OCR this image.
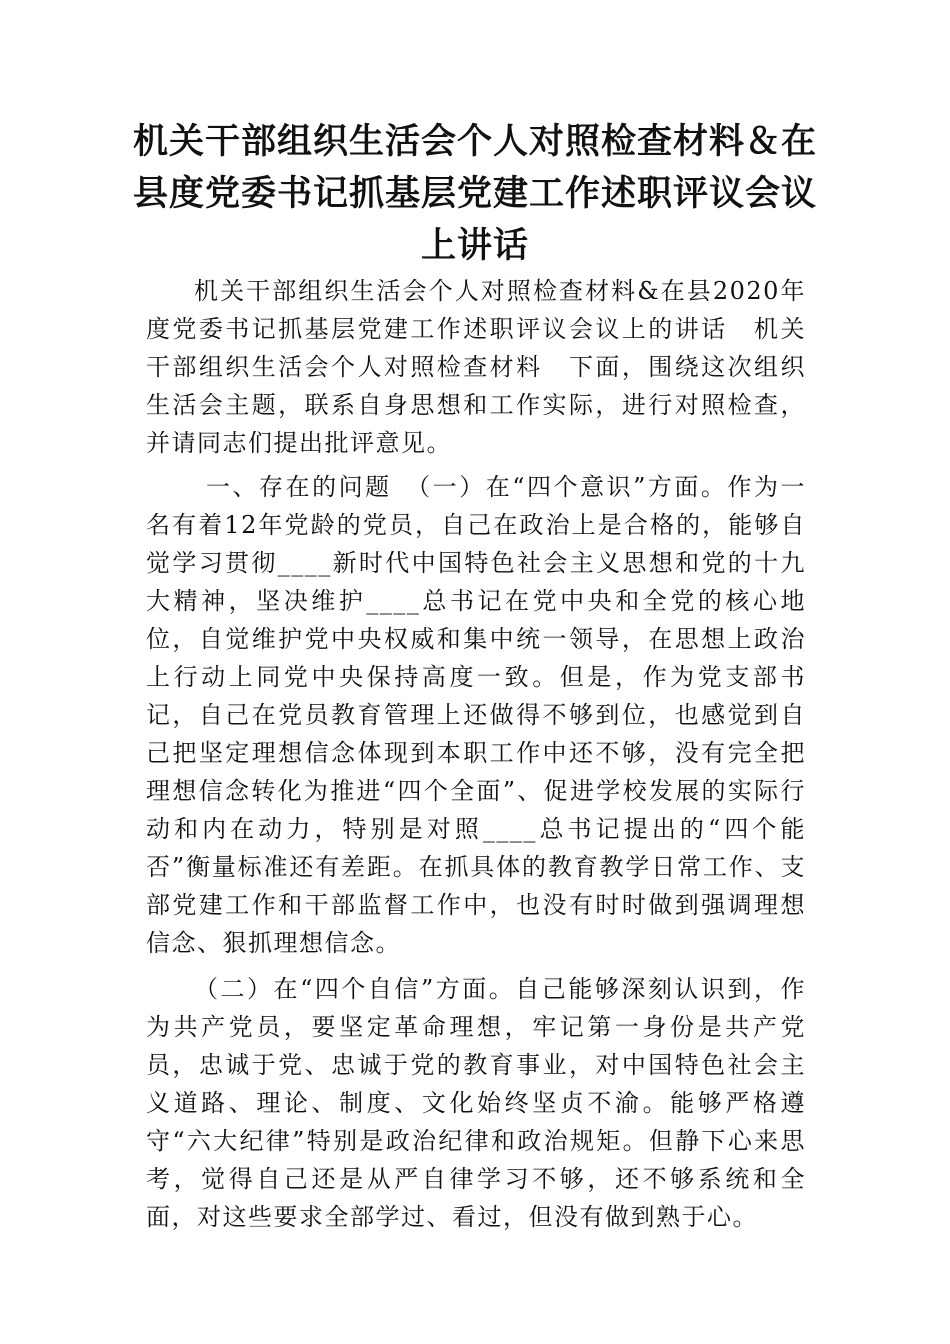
机关干部组织生活会个人对照检查材料＆在县度党委书记抓基层党建工作述职评议会议上讲话

机关干部组织生活会个人对照检查材料&在县2020年度党委书记抓基层党建工作述职评议会议上的讲话　机关干部组织生活会个人对照检查材料　下面，围绕这次组织生活会主题，联系自身思想和工作实际，进行对照检查，并请同志们提出批评意见。

一、存在的问题　（一）在“四个意识”方面。作为一名有着12年党龄的党员，自己在政治上是合格的，能够自觉学习贯彻____新时代中国特色社会主义思想和党的十九大精神，坚决维护____总书记在党中央和全党的核心地位，自觉维护党中央权威和集中统一领导，在思想上政治上行动上同党中央保持高度一致。但是，作为党支部书记，自己在党员教育管理上还做得不够到位，也感觉到自己把坚定理想信念体现到本职工作中还不够，没有完全把理想信念转化为推进“四个全面”、促进学校发展的实际行动和内在动力，特别是对照____总书记提出的“四个能否”衡量标准还有差距。在抓具体的教育教学日常工作、支部党建工作和干部监督工作中，也没有时时做到强调理想信念、狠抓理想信念。

（二）在“四个自信”方面。自己能够深刻认识到，作为共产党员，要坚定革命理想，牢记第一身份是共产党员，忠诚于党、忠诚于党的教育事业，对中国特色社会主义道路、理论、制度、文化始终坚贞不渝。能够严格遵守“六大纪律”特别是政治纪律和政治规矩。但静下心来思考，觉得自己还是从严自律学习不够，还不够系统和全面，对这些要求全部学过、看过，但没有做到熟于心。
